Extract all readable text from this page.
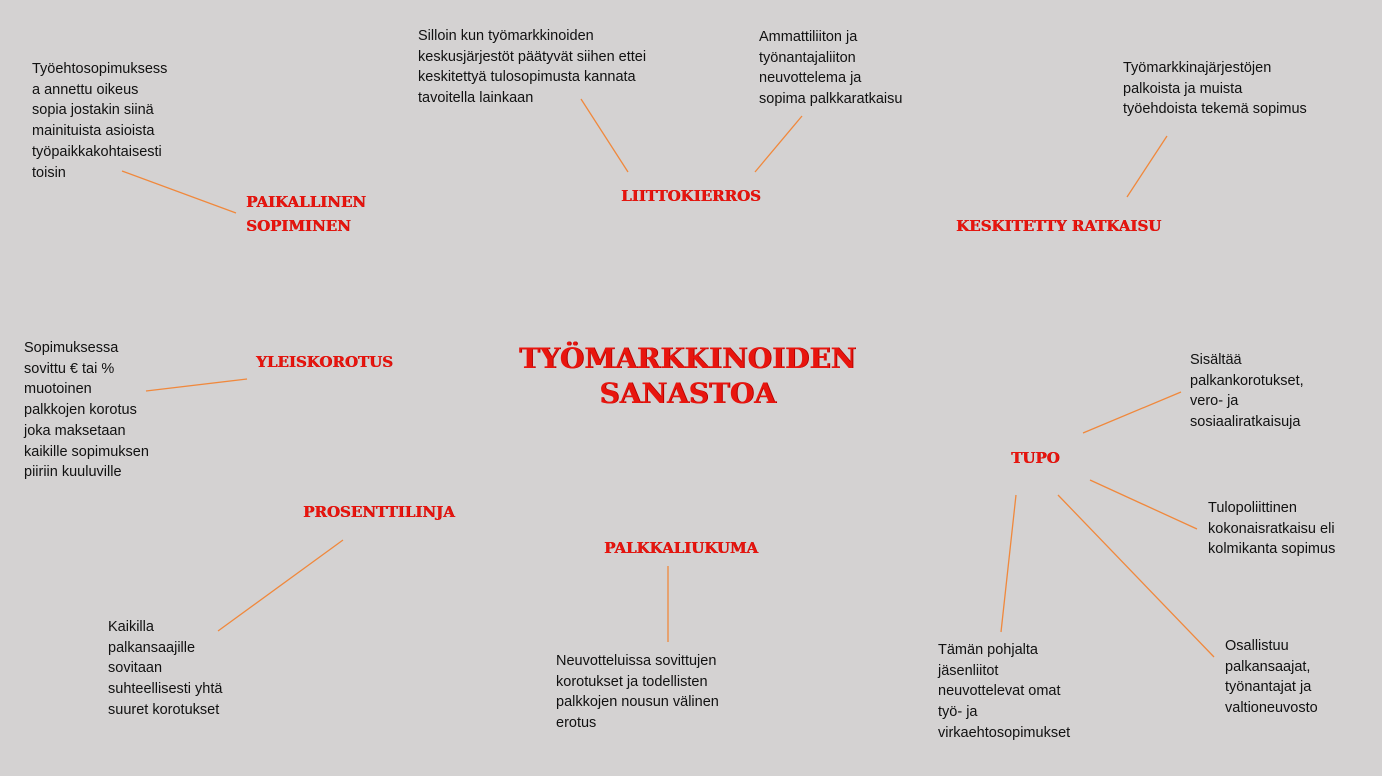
TYÖMARKKINOIDEN
SANASTOA
PAIKALLINEN
SOPIMINEN
LIITTOKIERROS
KESKITETTY RATKAISU
YLEISKOROTUS
PROSENTTILINJA
PALKKALIUKUMA
TUPO
Työehtosopimuksess
a annettu oikeus
sopia jostakin siinä
mainituista asioista
työpaikkakohtaisesti
toisin
Silloin kun työmarkkinoiden
keskusjärjestöt päätyvät siihen ettei
keskitettyä tulosopimusta kannata
tavoitella lainkaan
Ammattiliiton ja
työnantajaliiton
neuvottelema ja
sopima palkkaratkaisu
Työmarkkinajärjestöjen
palkoista ja muista
työehdoista tekemä sopimus
Sopimuksessa
sovittu € tai %
muotoinen
palkkojen korotus
joka maksetaan
kaikille sopimuksen
piiriin kuuluville
Kaikilla
palkansaajille
sovitaan
suhteellisesti yhtä
suuret korotukset
Neuvotteluissa sovittujen
korotukset ja todellisten
palkkojen nousun välinen
erotus
Sisältää
palkankorotukset,
vero- ja
sosiaaliratkaisuja
Tulopoliittinen
kokonaisratkaisu eli
kolmikanta sopimus
Tämän pohjalta
jäsenliitot
neuvottelevat omat
työ- ja
virkaehtosopimukset
Osallistuu
palkansaajat,
työnantajat ja
valtioneuvosto
